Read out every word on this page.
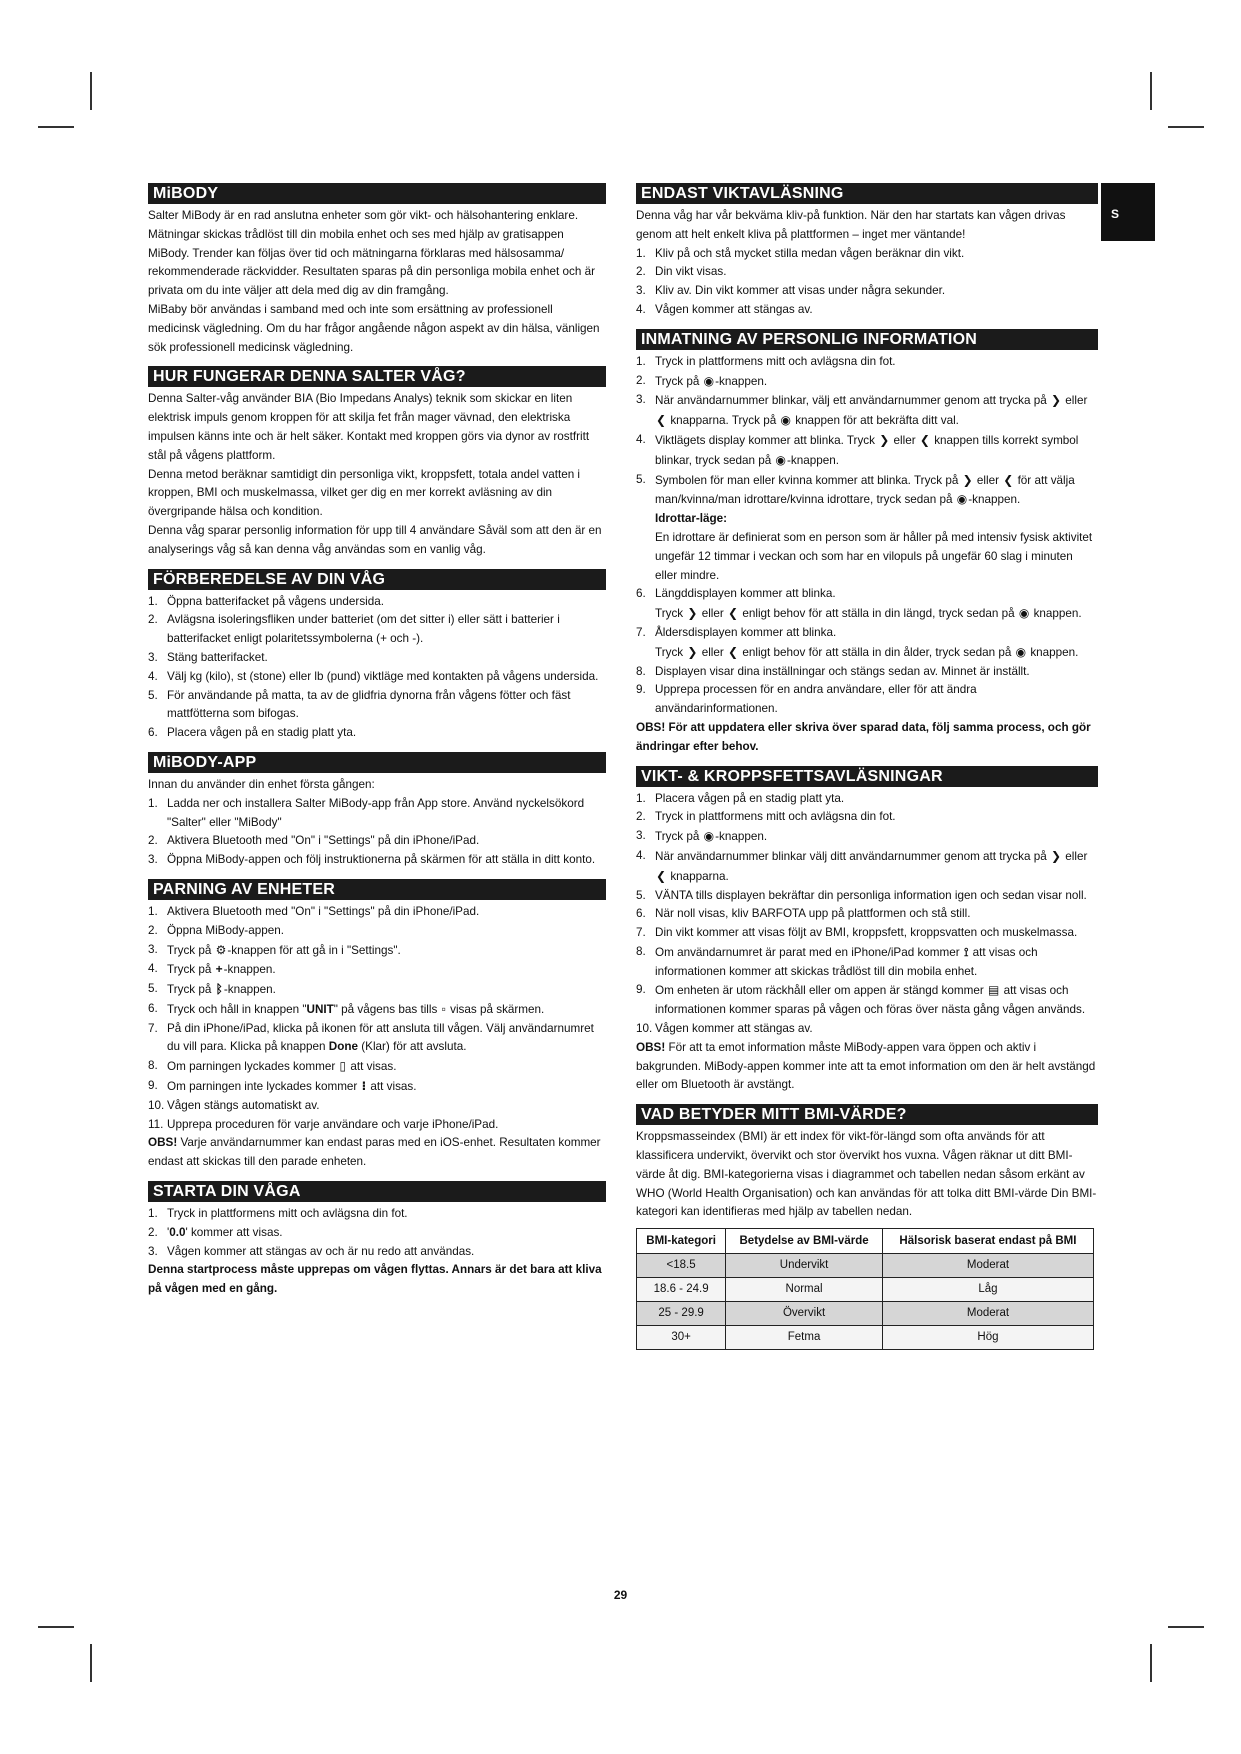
S
MiBODY

Salter MiBody är en rad anslutna enheter som gör vikt- och hälsohantering enklare. Mätningar skickas trådlöst till din mobila enhet och ses med hjälp av gratisappen MiBody. Trender kan följas över tid och mätningarna förklaras med hälsosamma/ rekommenderade räckvidder. Resultaten sparas på din personliga mobila enhet och är privata om du inte väljer att dela med dig av din framgång.

MiBaby bör användas i samband med och inte som ersättning av professionell medicinsk vägledning. Om du har frågor angående någon aspekt av din hälsa, vänligen sök professionell medicinsk vägledning.

HUR FUNGERAR DENNA SALTER VÅG?

Denna Salter-våg använder BIA (Bio Impedans Analys) teknik som skickar en liten elektrisk impuls genom kroppen för att skilja fet från mager vävnad, den elektriska impulsen känns inte och är helt säker. Kontakt med kroppen görs via dynor av rostfritt stål på vågens plattform.

Denna metod beräknar samtidigt din personliga vikt, kroppsfett, totala andel vatten i kroppen, BMI och muskelmassa, vilket ger dig en mer korrekt avläsning av din övergripande hälsa och kondition.

Denna våg sparar personlig information för upp till 4 användare Såväl som att den är en analyserings våg så kan denna våg användas som en vanlig våg.

FÖRBEREDELSE AV DIN VÅG
1. Öppna batterifacket på vågens undersida.
2. Avlägsna isoleringsfliken under batteriet (om det sitter i) eller sätt i batterier i batterifacket enligt polaritetssymbolerna (+ och -).
3. Stäng batterifacket.
4. Välj kg (kilo), st (stone) eller lb (pund) viktläge med kontakten på vågens undersida.
5. För användande på matta, ta av de glidfria dynorna från vågens fötter och fäst mattfötterna som bifogas.
6. Placera vågen på en stadig platt yta.
MiBODY-APP

Innan du använder din enhet första gången:

1. Ladda ner och installera Salter MiBody-app från App store. Använd nyckelsökord "Salter" eller "MiBody"
2. Aktivera Bluetooth med "On" i "Settings" på din iPhone/iPad.
3. Öppna MiBody-appen och följ instruktionerna på skärmen för att ställa in ditt konto.
PARNING AV ENHETER
1. Aktivera Bluetooth med "On" i "Settings" på din iPhone/iPad.
2. Öppna MiBody-appen.
3. Tryck på ⚙-knappen för att gå in i "Settings".
4. Tryck på +-knappen.
5. Tryck på ᛒ-knappen.
6. Tryck och håll in knappen "UNIT" på vågens bas tills ▫ visas på skärmen.
7. På din iPhone/iPad, klicka på ikonen för att ansluta till vågen. Välj användarnumret du vill para. Klicka på knappen Done (Klar) för att avsluta.
8. Om parningen lyckades kommer ▯ att visas.
9. Om parningen inte lyckades kommer ⁝ att visas.
10. Vågen stängs automatiskt av.
11. Upprepa proceduren för varje användare och varje iPhone/iPad.

OBS! Varje användarnummer kan endast paras med en iOS-enhet. Resultaten kommer endast att skickas till den parade enheten.

STARTA DIN VÅGA
1. Tryck in plattformens mitt och avlägsna din fot.
2. '0.0' kommer att visas.
3. Vågen kommer att stängas av och är nu redo att användas.

Denna startprocess måste upprepas om vågen flyttas. Annars är det bara att kliva på vågen med en gång.

ENDAST VIKTAVLÄSNING

Denna våg har vår bekväma kliv-på funktion. När den har startats kan vågen drivas genom att helt enkelt kliva på plattformen – inget mer väntande!

1. Kliv på och stå mycket stilla medan vågen beräknar din vikt.
2. Din vikt visas.
3. Kliv av. Din vikt kommer att visas under några sekunder.
4. Vågen kommer att stängas av.
INMATNING AV PERSONLIG INFORMATION
1. Tryck in plattformens mitt och avlägsna din fot.
2. Tryck på ◉-knappen.
3. När användarnummer blinkar, välj ett användarnummer genom att trycka på ❯ eller ❮ knapparna. Tryck på ◉ knappen för att bekräfta ditt val.
4. Viktlägets display kommer att blinka. Tryck ❯ eller ❮ knappen tills korrekt symbol blinkar, tryck sedan på ◉-knappen.
5. Symbolen för man eller kvinna kommer att blinka. Tryck på ❯ eller ❮ för att välja man/kvinna/man idrottare/kvinna idrottare, tryck sedan på ◉-knappen.
Idrottar-läge:

En idrottare är definierat som en person som är håller på med intensiv fysisk aktivitet ungefär 12 timmar i veckan och som har en vilopuls på ungefär 60 slag i minuten eller mindre.

6. Längddisplayen kommer att blinka.
Tryck ❯ eller ❮ enligt behov för att ställa in din längd, tryck sedan på ◉ knappen.
7. Åldersdisplayen kommer att blinka.
Tryck ❯ eller ❮ enligt behov för att ställa in din ålder, tryck sedan på ◉ knappen.
8. Displayen visar dina inställningar och stängs sedan av. Minnet är inställt.
9. Upprepa processen för en andra användare, eller för att ändra användarinformationen.

OBS! För att uppdatera eller skriva över sparad data, följ samma process, och gör ändringar efter behov.

VIKT- & KROPPSFETTSAVLÄSNINGAR
1. Placera vågen på en stadig platt yta.
2. Tryck in plattformens mitt och avlägsna din fot.
3. Tryck på ◉-knappen.
4. När användarnummer blinkar välj ditt användarnummer genom att trycka på ❯ eller ❮ knapparna.
5. VÄNTA tills displayen bekräftar din personliga information igen och sedan visar noll.
6. När noll visas, kliv BARFOTA upp på plattformen och stå still.
7. Din vikt kommer att visas följt av BMI, kroppsfett, kroppsvatten och muskelmassa.
8. Om användarnumret är parat med en iPhone/iPad kommer ⟟ att visas och informationen kommer att skickas trådlöst till din mobila enhet.
9. Om enheten är utom räckhåll eller om appen är stängd kommer ▤ att visas och informationen kommer sparas på vågen och föras över nästa gång vågen används.
10. Vågen kommer att stängas av.

OBS! För att ta emot information måste MiBody-appen vara öppen och aktiv i bakgrunden. MiBody-appen kommer inte att ta emot information om den är helt avstängd eller om Bluetooth är avstängt.

VAD BETYDER MITT BMI-VÄRDE?

Kroppsmasseindex (BMI) är ett index för vikt-för-längd som ofta används för att klassificera undervikt, övervikt och stor övervikt hos vuxna. Vågen räknar ut ditt BMI-värde åt dig. BMI-kategorierna visas i diagrammet och tabellen nedan såsom erkänt av WHO (World Health Organisation) och kan användas för att tolka ditt BMI-värde Din BMI-kategori kan identifieras med hjälp av tabellen nedan.

BMI-kategori	Betydelse av BMI-värde	Hälsorisk baserat endast på BMI
<18.5	Undervikt	Moderat
18.6 - 24.9	Normal	Låg
25 - 29.9	Övervikt	Moderat
30+	Fetma	Hög
29
